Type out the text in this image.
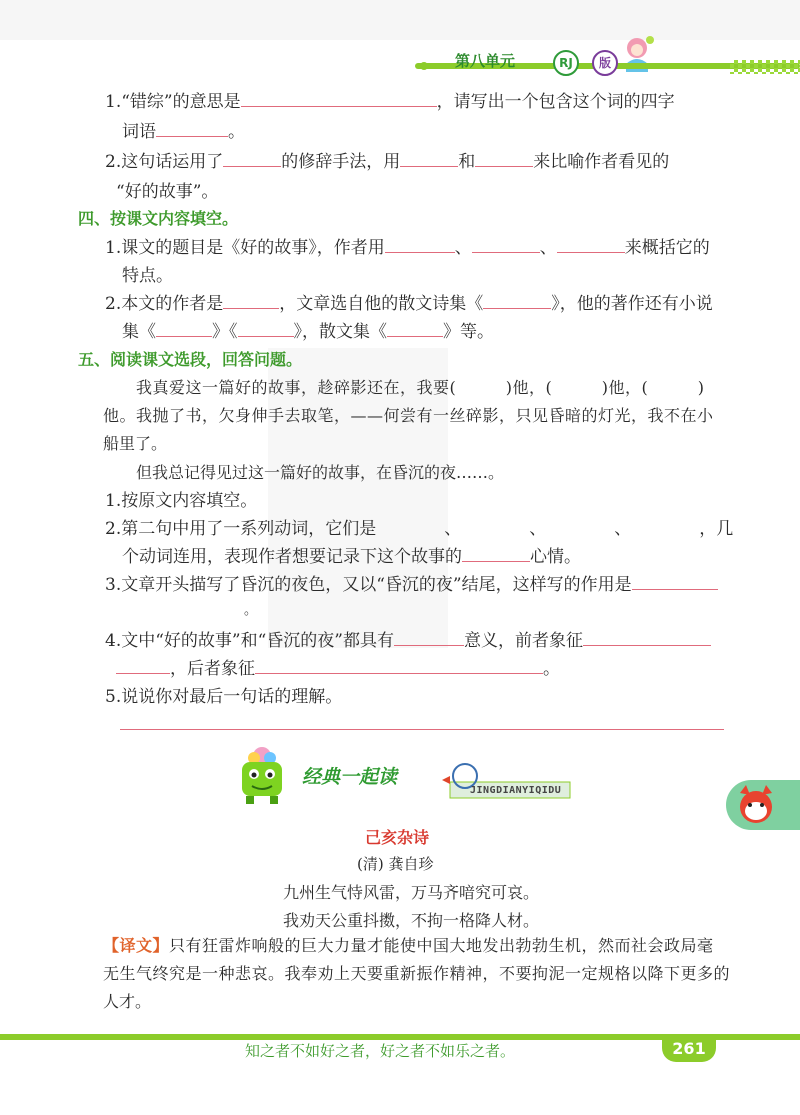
第八单元	RJ	版
1.“错综”的意思是	，请写出一个包含这个词的四字
词语	。
2.这句话运用了	的修辞手法，用	和	来比喻作者看见的
“好的故事”。
四、按课文内容填空。
1.课文的题目是《好的故事》，作者用	、	、	来概括它的
特点。
2.本文的作者是	，文章选自他的散文诗集《	》，他的著作还有小说
集《	》《	》，散文集《	》等。
五、阅读课文选段，回答问题。
我真爱这一篇好的故事，趁碎影还在，我要(　　　)他，(　　　)他，(　　　)
他。我抛了书，欠身伸手去取笔，——何尝有一丝碎影，只见昏暗的灯光，我不在小
船里了。
但我总记得见过这一篇好的故事，在昏沉的夜……。
1.按原文内容填空。
2.第二句中用了一系列动词，它们是	、	、	、	，几
个动词连用，表现作者想要记录下这个故事的	心情。
3.文章开头描写了昏沉的夜色，又以“昏沉的夜”结尾，这样写的作用是
。
4.文中“好的故事”和“昏沉的夜”都具有	意义，前者象征
，后者象征	。
5.说说你对最后一句话的理解。
经典一起读
JINGDIANYIQIDU
己亥杂诗
(清) 龚自珍
九州生气恃风雷，万马齐喑究可哀。
我劝天公重抖擞，不拘一格降人材。
【译文】只有狂雷炸响般的巨大力量才能使中国大地发出勃勃生机，然而社会政局毫
无生气终究是一种悲哀。我奉劝上天要重新振作精神，不要拘泥一定规格以降下更多的
人才。
知之者不如好之者，好之者不如乐之者。	261
